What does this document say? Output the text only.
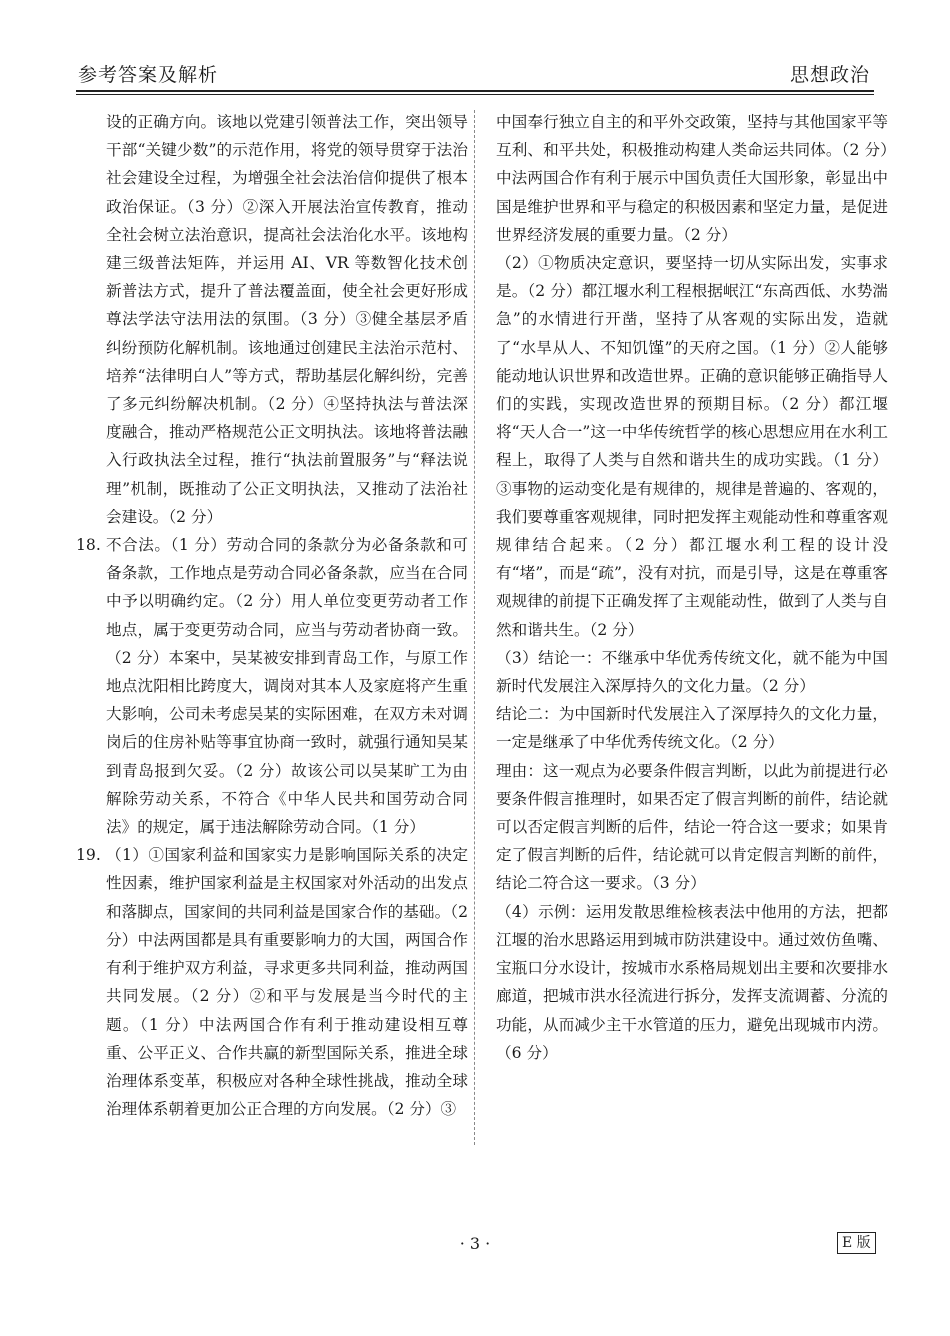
参考答案及解析	思想政治

设的正确方向。该地以党建引领普法工作，突出领导干部“关键少数”的示范作用，将党的领导贯穿于法治社会建设全过程，为增强全社会法治信仰提供了根本政治保证。（3 分）②深入开展法治宣传教育，推动全社会树立法治意识，提高社会法治化水平。该地构建三级普法矩阵，并运用 AI、VR 等数智化技术创新普法方式，提升了普法覆盖面，使全社会更好形成尊法学法守法用法的氛围。（3 分）③健全基层矛盾纠纷预防化解机制。该地通过创建民主法治示范村、培养“法律明白人”等方式，帮助基层化解纠纷，完善了多元纠纷解决机制。（2 分）④坚持执法与普法深度融合，推动严格规范公正文明执法。该地将普法融入行政执法全过程，推行“执法前置服务”与“释法说理”机制，既推动了公正文明执法，又推动了法治社会建设。（2 分）

18. 不合法。（1 分）劳动合同的条款分为必备条款和可备条款，工作地点是劳动合同必备条款，应当在合同中予以明确约定。（2 分）用人单位变更劳动者工作地点，属于变更劳动合同，应当与劳动者协商一致。（2 分）本案中，吴某被安排到青岛工作，与原工作地点沈阳相比跨度大，调岗对其本人及家庭将产生重大影响，公司未考虑吴某的实际困难，在双方未对调岗后的住房补贴等事宜协商一致时，就强行通知吴某到青岛报到欠妥。（2 分）故该公司以吴某旷工为由解除劳动关系，不符合《中华人民共和国劳动合同法》的规定，属于违法解除劳动合同。（1 分）
19. （1）①国家利益和国家实力是影响国际关系的决定性因素，维护国家利益是主权国家对外活动的出发点和落脚点，国家间的共同利益是国家合作的基础。（2 分）中法两国都是具有重要影响力的大国，两国合作有利于维护双方利益，寻求更多共同利益，推动两国共同发展。（2 分）②和平与发展是当今时代的主题。（1 分）中法两国合作有利于推动建设相互尊重、公平正义、合作共赢的新型国际关系，推进全球治理体系变革，积极应对各种全球性挑战，推动全球治理体系朝着更加公正合理的方向发展。（2 分）③

中国奉行独立自主的和平外交政策，坚持与其他国家平等互利、和平共处，积极推动构建人类命运共同体。（2 分）中法两国合作有利于展示中国负责任大国形象，彰显出中国是维护世界和平与稳定的积极因素和坚定力量，是促进世界经济发展的重要力量。（2 分）

（2）①物质决定意识，要坚持一切从实际出发，实事求是。（2 分）都江堰水利工程根据岷江“东高西低、水势湍急”的水情进行开凿，坚持了从客观的实际出发，造就了“水旱从人、不知饥馑”的天府之国。（1 分）②人能够能动地认识世界和改造世界。正确的意识能够正确指导人们的实践，实现改造世界的预期目标。（2 分）都江堰将“天人合一”这一中华传统哲学的核心思想应用在水利工程上，取得了人类与自然和谐共生的成功实践。（1 分）③事物的运动变化是有规律的，规律是普遍的、客观的，我们要尊重客观规律，同时把发挥主观能动性和尊重客观规律结合起来。（2 分）都江堰水利工程的设计没有“堵”，而是“疏”，没有对抗，而是引导，这是在尊重客观规律的前提下正确发挥了主观能动性，做到了人类与自然和谐共生。（2 分）

（3）结论一：不继承中华优秀传统文化，就不能为中国新时代发展注入深厚持久的文化力量。（2 分）

结论二：为中国新时代发展注入了深厚持久的文化力量，一定是继承了中华优秀传统文化。（2 分）

理由：这一观点为必要条件假言判断，以此为前提进行必要条件假言推理时，如果否定了假言判断的前件，结论就可以否定假言判断的后件，结论一符合这一要求；如果肯定了假言判断的后件，结论就可以肯定假言判断的前件，结论二符合这一要求。（3 分）

（4）示例：运用发散思维检核表法中他用的方法，把都江堰的治水思路运用到城市防洪建设中。通过效仿鱼嘴、宝瓶口分水设计，按城市水系格局规划出主要和次要排水廊道，把城市洪水径流进行拆分，发挥支流调蓄、分流的功能，从而减少主干水管道的压力，避免出现城市内涝。（6 分）

· 3 ·	E 版
